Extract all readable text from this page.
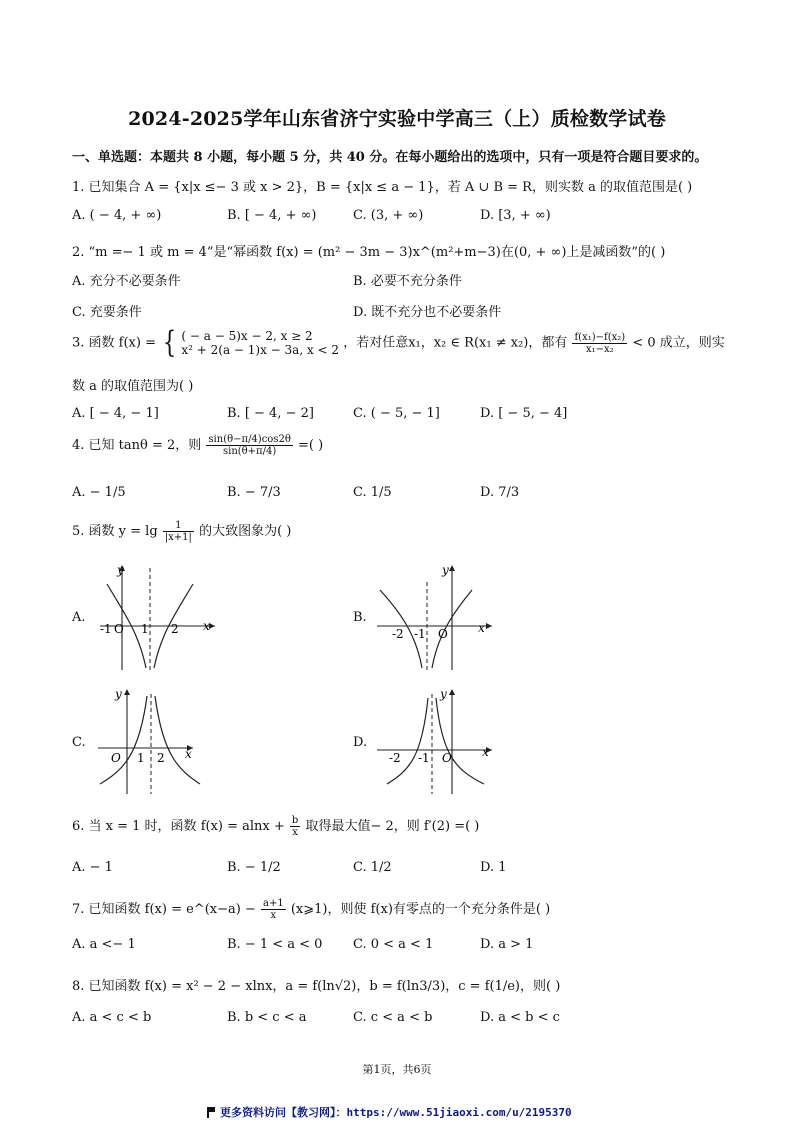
2024-2025学年山东省济宁实验中学高三（上）质检数学试卷
一、单选题：本题共 8 小题，每小题 5 分，共 40 分。在每小题给出的选项中，只有一项是符合题目要求的。
1. 已知集合 A = {x|x ≤− 3 或 x > 2}，B = {x|x ≤ a − 1}，若 A ∪ B = R，则实数 a 的取值范围是( )
A. ( − 4, + ∞)	B. [ − 4, + ∞)	C. (3, + ∞)	D. [3, + ∞)
2. “m =− 1 或 m = 4”是“幂函数 f(x) = (m² − 3m − 3)x^(m²+m−3)在(0, + ∞)上是减函数”的( )
A. 充分不必要条件	B. 必要不充分条件
C. 充要条件	D. 既不充分也不必要条件
3. 函数 f(x) = { ( − a − 5)x − 2, x ≥ 2
x² + 2(a − 1)x − 3a, x < 2 ，若对任意x₁，x₂ ∈ R(x₁ ≠ x₂)，都有 $\frac{\text{f(x₁)−f(x₂)}}{\text{x₁−x₂}} < 0$ 成立，则实
数 a 的取值范围为( )
A. [ − 4, − 1]	B. [ − 4, − 2]	C. ( − 5, − 1]	D. [ − 5, − 4]
4. 已知 tanθ = 2，则 $\frac{\sin(\theta-\pi/4)\cos 2\theta}{\sin(\theta+\pi/4)}$ =( )
A. − 1/5	B. − 7/3	C. 1/5	D. 7/3
5. 函数 $y = \lg \frac{1}{|x+1|}$ 的大致图象为( )
A.	B.
C.	D.
-1 O 1 2 x
y
-2 -1 O	x
y
O 1 2 x
y
-2 -1 O	x
y
6. 当 x = 1 时，函数 $f(x) = alnx + \frac{b}{x}$ 取得最大值− 2，则 f′(2) =( )
A. − 1	B. − 1/2	C. 1/2	D. 1
7. 已知函数 f(x) = e^(x−a) − $\frac{a+1}{x}$ (x⩾1)，则使 f(x)有零点的一个充分条件是( )
A. a <− 1	B. − 1 < a < 0 C. 0 < a < 1	D. a > 1
8. 已知函数 f(x) = x² − 2 − xlnx，a = f(ln√2)，b = f(ln3/3)，c = f(1/e)，则( )
A. a < c < b	B. b < c < a	C. c < a < b	D. a < b < c
第1页，共6页
更多资料访问【教习网】：https://www.51jiaoxi.com/u/2195370
